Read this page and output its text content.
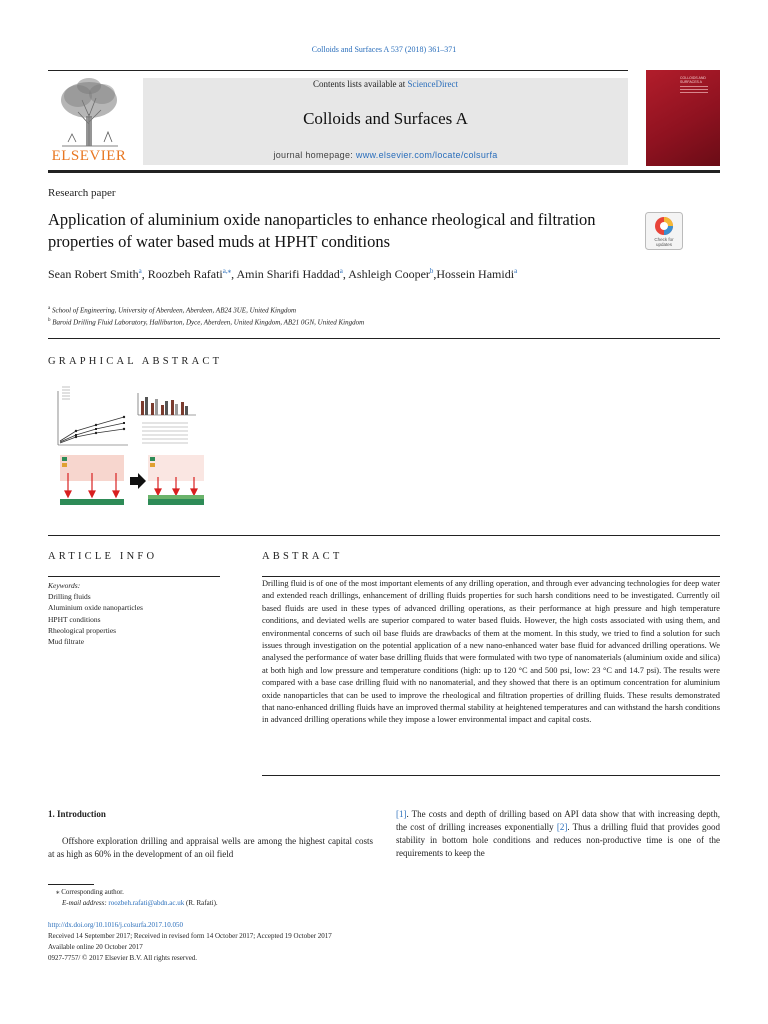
Colloids and Surfaces A 537 (2018) 361–371
ELSEVIER
Contents lists available at ScienceDirect
Colloids and Surfaces A
journal homepage: www.elsevier.com/locate/colsurfa
COLLOIDS AND SURFACES A
Research paper
Application of aluminium oxide nanoparticles to enhance rheological and filtration properties of water based muds at HPHT conditions	Check for
updates
Sean Robert Smith$^a$, Roozbeh Rafati$^{a,⁎}$, Amin Sharifi Haddad$^a$, Ashleigh Cooper$^b$,Hossein Hamidi$^a$
$^a$ School of Engineering, University of Aberdeen, Aberdeen, AB24 3UE, United Kingdom
$^b$ Baroid Drilling Fluid Laboratory, Halliburton, Dyce, Aberdeen, United Kingdom, AB21 0GN, United Kingdom
GRAPHICAL ABSTRACT
ARTICLE INFO
Keywords:
Drilling fluids
Aluminium oxide nanoparticles
HPHT conditions
Rheological properties
Mud filtrate
ABSTRACT
Drilling fluid is of one of the most important elements of any drilling operation, and through ever advancing technologies for deep water and extended reach drillings, enhancement of drilling fluids properties for such harsh conditions need to be investigated. Currently oil based fluids are used in these types of advanced drilling operations, as their performance at high pressure and high temperature conditions, and deviated wells are superior compared to water based fluids. However, the high costs associated with using them, and environmental concerns of such oil base fluids are drawbacks of them at the moment. In this study, we tried to find a solution for such issues through investigation on the potential application of a new nano-enhanced water base fluid for advanced drilling operations. We analysed the performance of water base drilling fluids that were formulated with two type of nanomaterials (aluminium oxide and silica) at both high and low pressure and temperature conditions (high: up to 120 °C and 500 psi, low: 23 °C and 14.7 psi). The results were compared with a base case drilling fluid with no nanomaterial, and they showed that there is an optimum concentration for aluminium oxide nanoparticles that can be used to improve the rheological and filtration properties of drilling fluids. These results demonstrated that nano-enhanced drilling fluids have an improved thermal stability at heightened temperatures and can withstand the harsh conditions in advanced drilling operations while they impose a lower environmental impact and capital costs.
1. Introduction
Offshore exploration drilling and appraisal wells are among the highest capital costs at as high as 60% in the development of an oil field
[1]. The costs and depth of drilling based on API data show that with increasing depth, the cost of drilling increases exponentially [2]. Thus a drilling fluid that provides good stability in bottom hole conditions and reduces non-productive time is one of the requirements to keep the
⁎ Corresponding author.
E-mail address: roozbeh.rafati@abdn.ac.uk (R. Rafati).
http://dx.doi.org/10.1016/j.colsurfa.2017.10.050
Received 14 September 2017; Received in revised form 14 October 2017; Accepted 19 October 2017
Available online 20 October 2017
0927-7757/ © 2017 Elsevier B.V. All rights reserved.
